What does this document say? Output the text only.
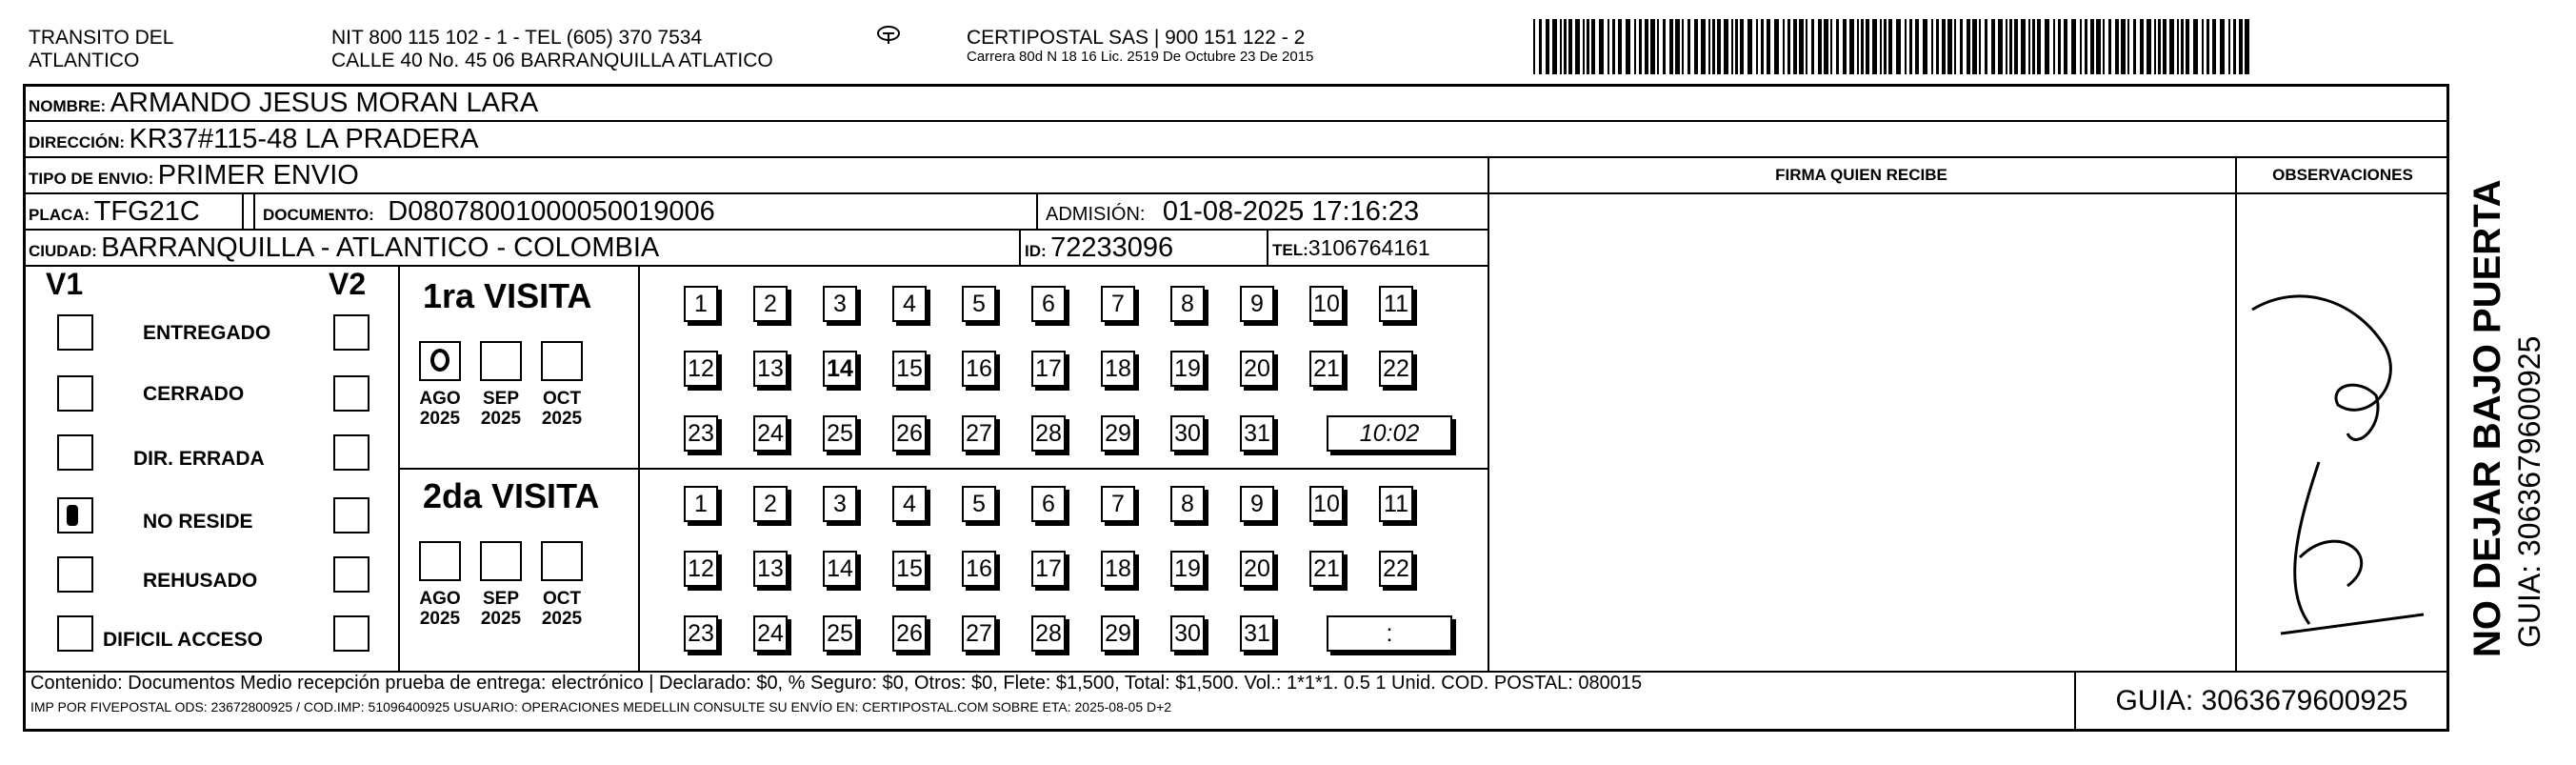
TRANSITO DEL
ATLANTICO
NIT 800 115 102 - 1 - TEL (605) 370 7534
CALLE 40 No. 45 06 BARRANQUILLA ATLATICO
CERTIPOSTAL SAS | 900 151 122 - 2
Carrera 80d N 18 16 Lic. 2519 De Octubre 23 De 2015
NOMBRE: ARMANDO JESUS MORAN LARA
DIRECCIÓN: KR37#115-48 LA PRADERA
TIPO DE ENVIO: PRIMER ENVIO	FIRMA QUIEN RECIBE	OBSERVACIONES
PLACA: TFG21C	DOCUMENTO: D08078001000050019006	ADMISIÓN: 01-08-2025 17:16:23
CIUDAD: BARRANQUILLA - ATLANTICO - COLOMBIA	ID: 72233096	TEL:3106764161
V1	V2
ENTREGADO
CERRADO
DIR. ERRADA
NO RESIDE
REHUSADO
DIFICIL ACCESO
1ra VISITA
AGO
2025
SEP
2025
OCT
2025
1	2	3	4	5	6	7	8	9	10 11
12 13 14 15 16 17 18 19 20 21 22
23 24 25 26 27 28 29 30 31	10:02
2da VISITA
AGO
2025
SEP
2025
OCT
2025
1	2	3	4	5	6	7	8	9	10 11
12 13 14 15 16 17 18 19 20 21 22
23 24 25 26 27 28 29 30 31	:
Contenido: Documentos Medio recepción prueba de entrega: electrónico | Declarado: $0, % Seguro: $0, Otros: $0, Flete: $1,500, Total: $1,500. Vol.: 1*1*1. 0.5 1 Unid. COD. POSTAL: 080015
IMP POR FIVEPOSTAL ODS: 23672800925 / COD.IMP: 51096400925 USUARIO: OPERACIONES MEDELLIN CONSULTE SU ENVÍO EN: CERTIPOSTAL.COM SOBRE ETA: 2025-08-05 D+2	GUIA: 3063679600925
NO DEJAR BAJO PUERTA GUIA: 3063679600925
